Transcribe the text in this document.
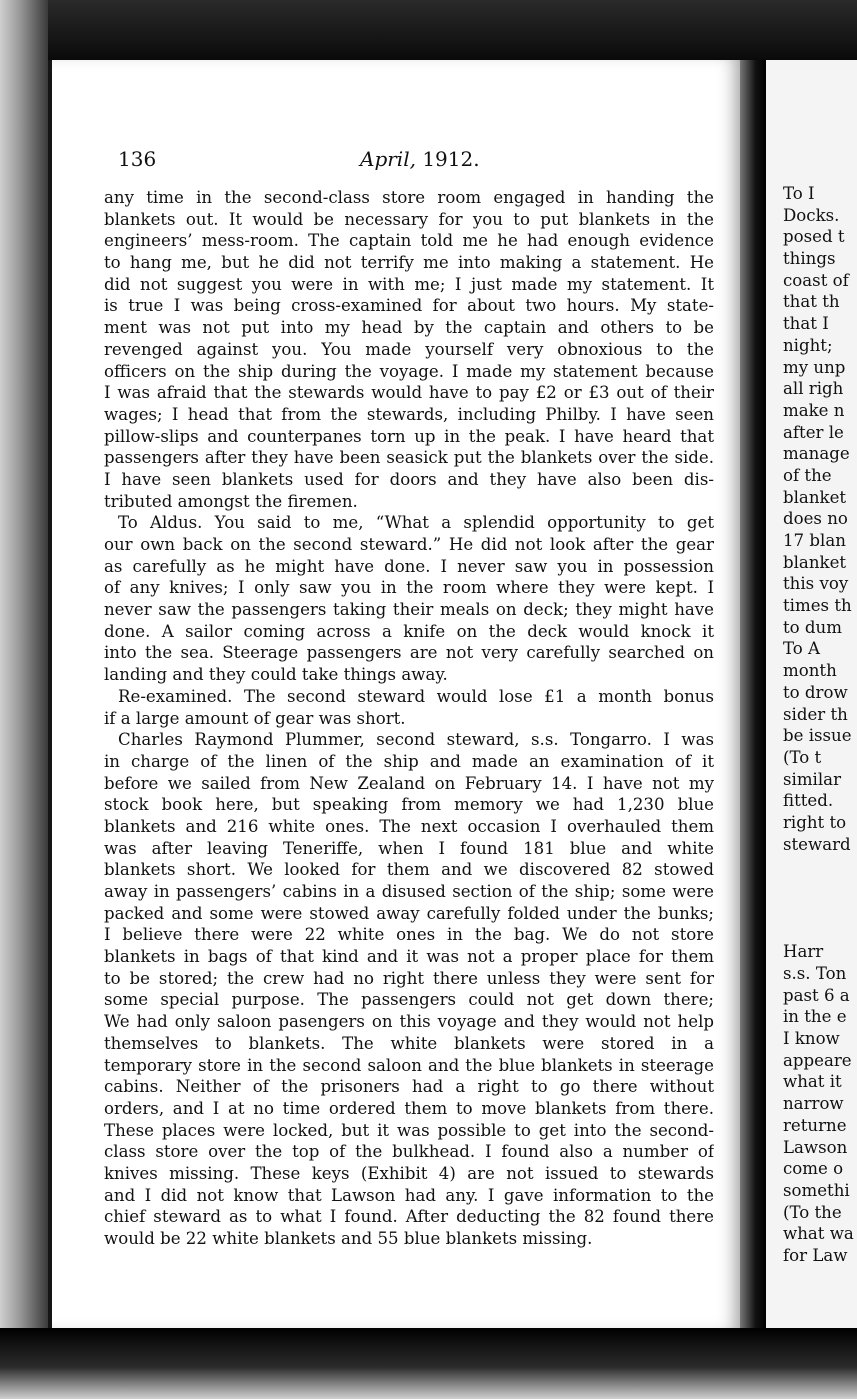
136	April, 1912.
any time in the second-class store room engaged in handing the
blankets out. It would be necessary for you to put blankets in the
engineers’ mess-room. The captain told me he had enough evidence
to hang me, but he did not terrify me into making a statement. He
did not suggest you were in with me; I just made my statement. It
is true I was being cross-examined for about two hours. My state-
ment was not put into my head by the captain and others to be
revenged against you. You made yourself very obnoxious to the
officers on the ship during the voyage. I made my statement because
I was afraid that the stewards would have to pay £2 or £3 out of their
wages; I head that from the stewards, including Philby. I have seen
pillow-slips and counterpanes torn up in the peak. I have heard that
passengers after they have been seasick put the blankets over the side.
I have seen blankets used for doors and they have also been dis-
tributed amongst the firemen.
To Aldus. You said to me, “What a splendid opportunity to get
our own back on the second steward.” He did not look after the gear
as carefully as he might have done. I never saw you in possession
of any knives; I only saw you in the room where they were kept. I
never saw the passengers taking their meals on deck; they might have
done. A sailor coming across a knife on the deck would knock it
into the sea. Steerage passengers are not very carefully searched on
landing and they could take things away.
Re-examined. The second steward would lose £1 a month bonus
if a large amount of gear was short.
Charles Raymond Plummer, second steward, s.s. Tongarro. I was
in charge of the linen of the ship and made an examination of it
before we sailed from New Zealand on February 14. I have not my
stock book here, but speaking from memory we had 1,230 blue
blankets and 216 white ones. The next occasion I overhauled them
was after leaving Teneriffe, when I found 181 blue and white
blankets short. We looked for them and we discovered 82 stowed
away in passengers’ cabins in a disused section of the ship; some were
packed and some were stowed away carefully folded under the bunks;
I believe there were 22 white ones in the bag. We do not store
blankets in bags of that kind and it was not a proper place for them
to be stored; the crew had no right there unless they were sent for
some special purpose. The passengers could not get down there;
We had only saloon pasengers on this voyage and they would not help
themselves to blankets. The white blankets were stored in a
temporary store in the second saloon and the blue blankets in steerage
cabins. Neither of the prisoners had a right to go there without
orders, and I at no time ordered them to move blankets from there.
These places were locked, but it was possible to get into the second-
class store over the top of the bulkhead. I found also a number of
knives missing. These keys (Exhibit 4) are not issued to stewards
and I did not know that Lawson had any. I gave information to the
chief steward as to what I found. After deducting the 82 found there
would be 22 white blankets and 55 blue blankets missing.
To I
Docks.
posed t
things
coast of
that th
that I
night;
my unp
all righ
make n
after le
manage
of the
blanket
does no
17 blan
blanket
this voy
times th
to dum
To A
month
to drow
sider th
be issue
(To t
similar
fitted.
right to
steward
Harr
s.s. Ton
past 6 a
in the e
I know
appeare
what it
narrow
returne
Lawson
come o
somethi
(To the
what wa
for Law
